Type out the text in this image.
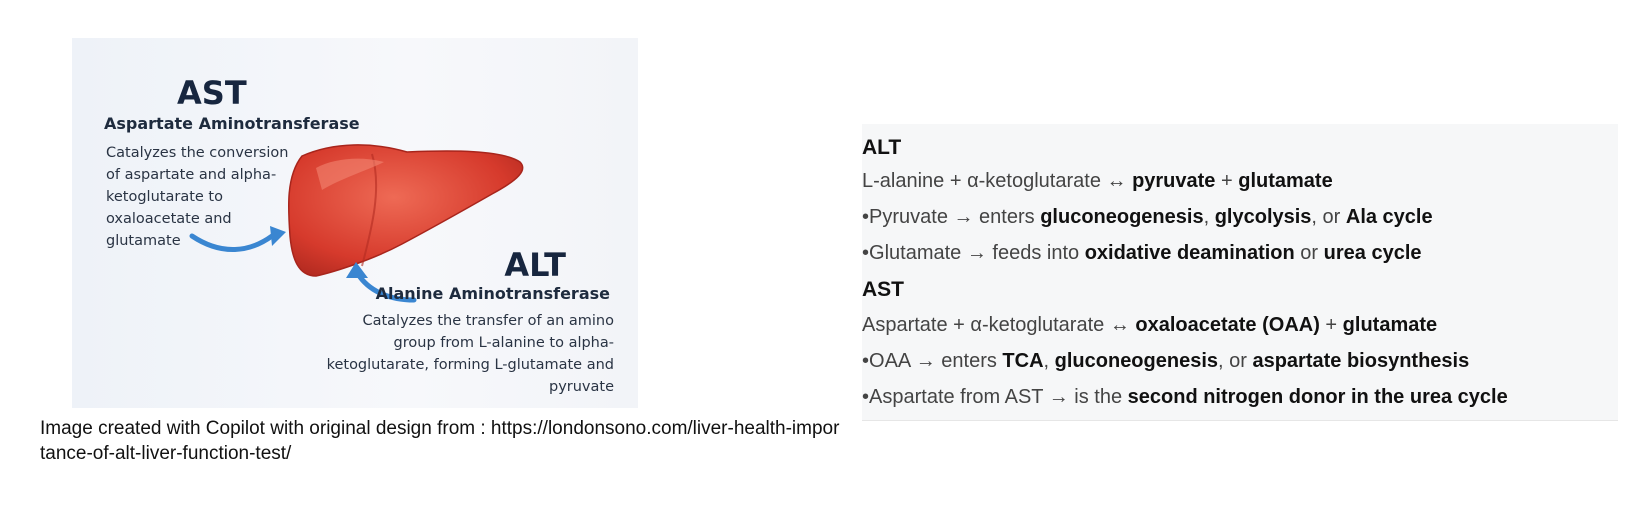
AST
Aspartate Aminotransferase
Catalyzes the conversion of aspartate and alpha-ketoglutarate to oxaloacetate and glutamate
ALT
Alanine Aminotransferase
Catalyzes the transfer of an amino group from L-alanine to alpha-ketoglutarate, forming L-glutamate and pyruvate
Image created with Copilot with original design from : https://londonsono.com/liver-health-importance-of-alt-liver-function-test/
ALT
L-alanine + α-ketoglutarate ↔ pyruvate + glutamate
•Pyruvate → enters gluconeogenesis, glycolysis, or Ala cycle
•Glutamate → feeds into oxidative deamination or urea cycle
AST
Aspartate + α-ketoglutarate ↔ oxaloacetate (OAA) + glutamate
•OAA → enters TCA, gluconeogenesis, or aspartate biosynthesis
•Aspartate from AST → is the second nitrogen donor in the urea cycle
